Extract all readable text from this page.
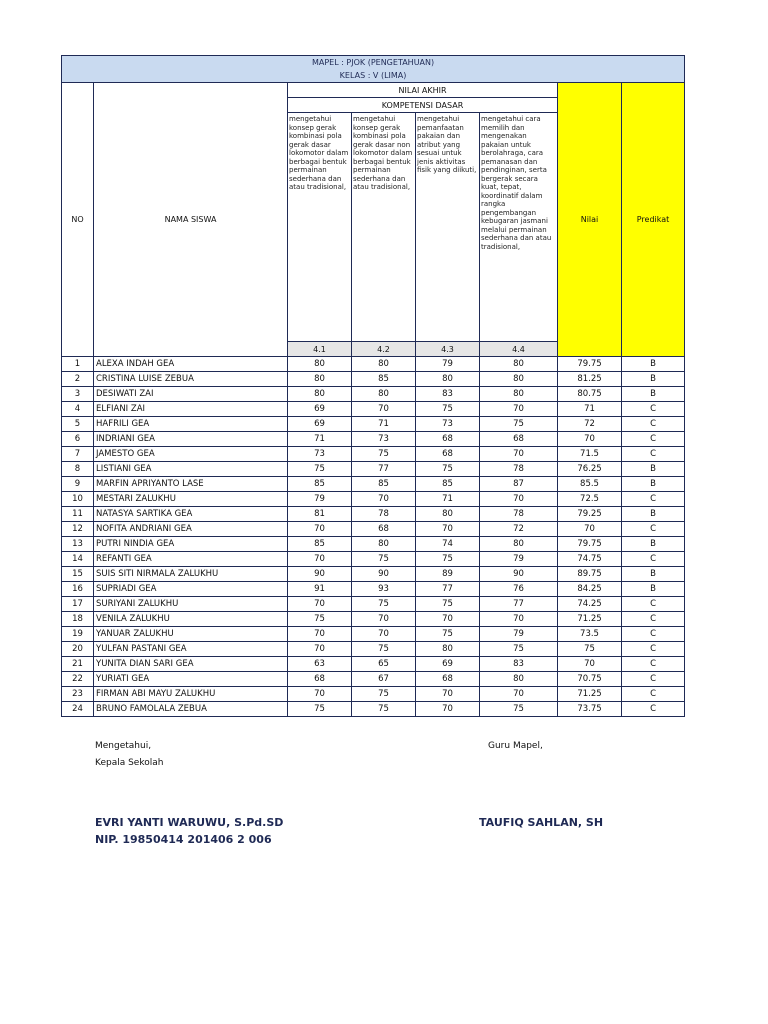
MAPEL : PJOK (PENGETAHUAN)
KELAS : V (LIMA)							

NO	NAMA SISWA	NILAI AKHIR				Nilai	Predikat
		KOMPETENSI DASAR					
		mengetahui konsep gerak kombinasi pola gerak dasar lokomotor dalam berbagai bentuk permainan sederhana dan atau tradisional,	mengetahui konsep gerak kombinasi pola gerak dasar non lokomotor dalam berbagai bentuk permainan sederhana dan atau tradisional,	mengetahui pemanfaatan pakaian dan atribut yang sesuai untuk jenis aktivitas fisik yang diikuti,	mengetahui cara memilih dan mengenakan pakaian untuk berolahraga, cara pemanasan dan pendinginan, serta bergerak secara kuat, tepat, koordinatif dalam rangka pengembangan kebugaran jasmani melalui permainan sederhana dan atau tradisional,		
		4.1	4.2	4.3	4.4		
1	ALEXA INDAH GEA	80	80	79	80	79.75	B
2	CRISTINA LUISE ZEBUA	80	85	80	80	81.25	B
3	DESIWATI ZAI	80	80	83	80	80.75	B
4	ELFIANI ZAI	69	70	75	70	71	C
5	HAFRILI GEA	69	71	73	75	72	C
6	INDRIANI GEA	71	73	68	68	70	C
7	JAMESTO GEA	73	75	68	70	71.5	C
8	LISTIANI GEA	75	77	75	78	76.25	B
9	MARFIN APRIYANTO LASE	85	85	85	87	85.5	B
10	MESTARI ZALUKHU	79	70	71	70	72.5	C
11	NATASYA SARTIKA GEA	81	78	80	78	79.25	B
12	NOFITA ANDRIANI GEA	70	68	70	72	70	C
13	PUTRI NINDIA GEA	85	80	74	80	79.75	B
14	REFANTI GEA	70	75	75	79	74.75	C
15	SUIS SITI NIRMALA ZALUKHU	90	90	89	90	89.75	B
16	SUPRIADI GEA	91	93	77	76	84.25	B
17	SURIYANI ZALUKHU	70	75	75	77	74.25	C
18	VENILA ZALUKHU	75	70	70	70	71.25	C
19	YANUAR ZALUKHU	70	70	75	79	73.5	C
20	YULFAN PASTANI GEA	70	75	80	75	75	C
21	YUNITA DIAN SARI GEA	63	65	69	83	70	C
22	YURIATI GEA	68	67	68	80	70.75	C
23	FIRMAN ABI MAYU ZALUKHU	70	75	70	70	71.25	C
24	BRUNO FAMOLALA ZEBUA	75	75	70	75	73.75	C
Mengetahui,
Kepala Sekolah
Guru Mapel,
EVRI YANTI WARUWU, S.Pd.SD
NIP. 19850414 201406 2 006
TAUFIQ SAHLAN, SH
